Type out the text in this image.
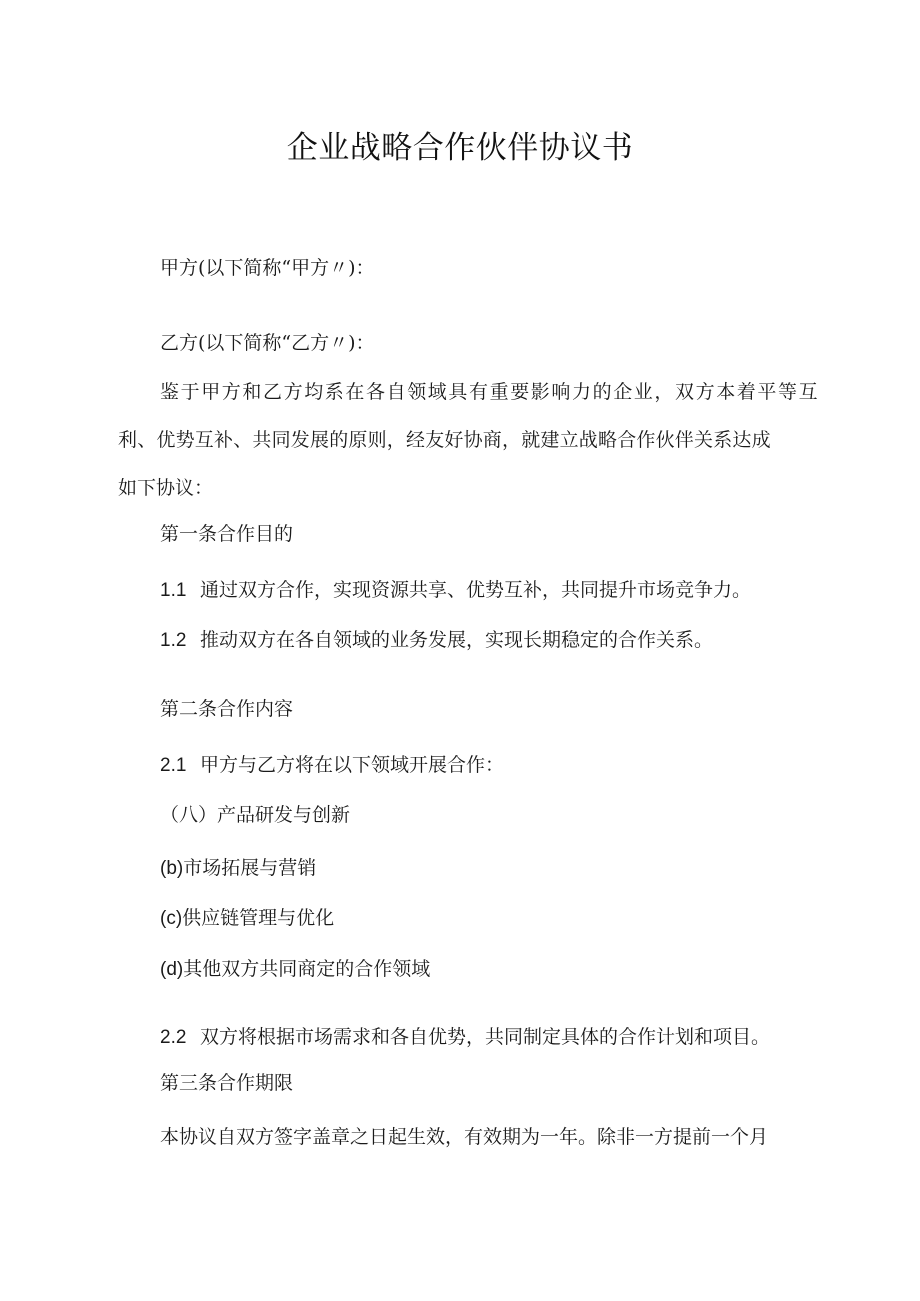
企业战略合作伙伴协议书
甲方(以下简称“甲方〃)：
乙方(以下简称“乙方〃)：
鉴于甲方和乙方均系在各自领域具有重要影响力的企业，双方本着平等互
利、优势互补、共同发展的原则，经友好协商，就建立战略合作伙伴关系达成
如下协议：
第一条合作目的
1.1 通过双方合作，实现资源共享、优势互补，共同提升市场竞争力。
1.2 推动双方在各自领域的业务发展，实现长期稳定的合作关系。
第二条合作内容
2.1 甲方与乙方将在以下领域开展合作：
（八）产品研发与创新
(b)市场拓展与营销
(c)供应链管理与优化
(d)其他双方共同商定的合作领域
2.2 双方将根据市场需求和各自优势，共同制定具体的合作计划和项目。
第三条合作期限
本协议自双方签字盖章之日起生效，有效期为一年。除非一方提前一个月
